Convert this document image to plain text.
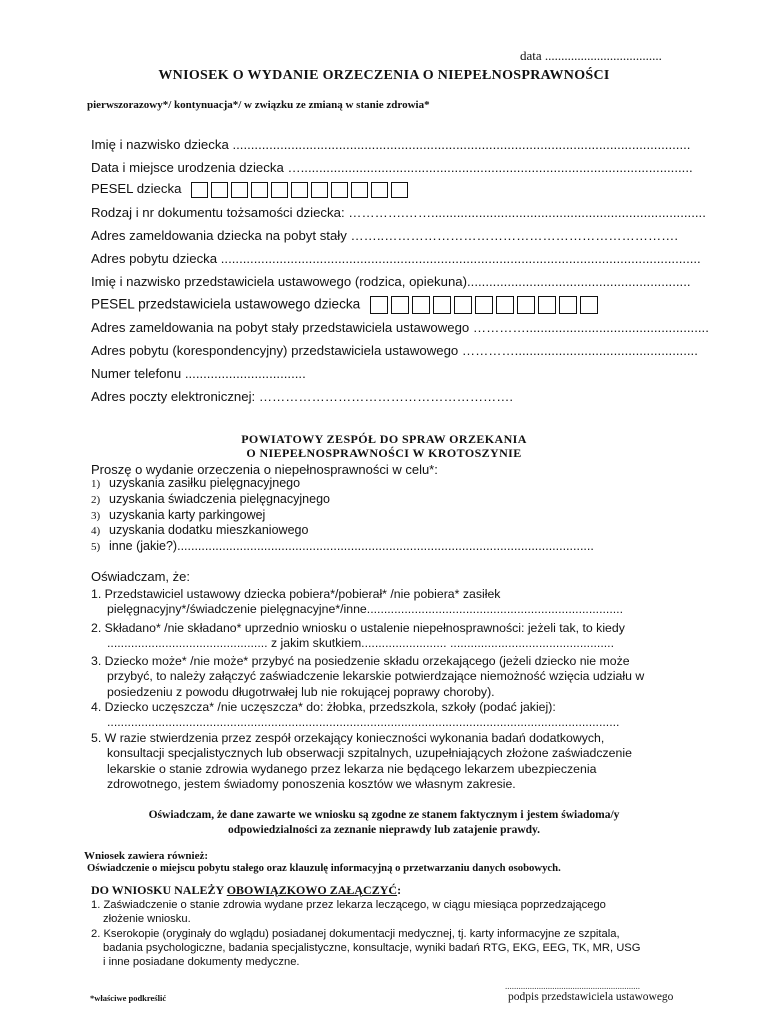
data ....................................
WNIOSEK O WYDANIE ORZECZENIA O NIEPEŁNOSPRAWNOŚCI
pierwszorazowy*/ kontynuacja*/ w związku ze zmianą w stanie zdrowia*
Imię i nazwisko dziecka .............................................................................................................................
Data i miejsce urodzenia dziecka …...........................................................................................................
PESEL dziecka
Rodzaj i nr dokumentu tożsamości dziecka: ………….……...........................................................................
Adres zameldowania dziecka na pobyt stały ……..………………………………………………………….
Adres pobytu dziecka ...................................................................................................................................
Imię i nazwisko przedstawiciela ustawowego (rodzica, opiekuna).............................................................
PESEL przedstawiciela ustawowego dziecka
Adres zameldowania na pobyt stały przedstawiciela ustawowego …………..................................................
Adres pobytu (korespondencyjny) przedstawiciela ustawowego …………..................................................
Numer telefonu .................................
Adres poczty elektronicznej: ………………………………………………….
POWIATOWY ZESPÓŁ DO SPRAW ORZEKANIA
O NIEPEŁNOSPRAWNOŚCI W KROTOSZYNIE
Proszę o wydanie orzeczenia o niepełnosprawności w celu*:
1) uzyskania zasiłku pielęgnacyjnego
2) uzyskania świadczenia pielęgnacyjnego
3) uzyskania karty parkingowej
4) uzyskania dodatku mieszkaniowego
5) inne (jakie?)........................................................................................................................
Oświadczam, że:
1. Przedstawiciel ustawowy dziecka pobiera*/pobierał* /nie pobiera* zasiłek
pielęgnacyjny*/świadczenie pielęgnacyjne*/inne...........................................................................
2. Składano* /nie składano* uprzednio wniosku o ustalenie niepełnosprawności: jeżeli tak, to kiedy
............................................... z jakim skutkiem......................... ................................................
3. Dziecko może* /nie może* przybyć na posiedzenie składu orzekającego (jeżeli dziecko nie może
przybyć, to należy załączyć zaświadczenie lekarskie potwierdzające niemożność wzięcia udziału w
posiedzeniu z powodu długotrwałej lub nie rokującej poprawy choroby).
4. Dziecko uczęszcza* /nie uczęszcza* do: żłobka, przedszkola, szkoły (podać jakiej):
......................................................................................................................................................
5. W razie stwierdzenia przez zespół orzekający konieczności wykonania badań dodatkowych,
konsultacji specjalistycznych lub obserwacji szpitalnych, uzupełniających złożone zaświadczenie
lekarskie o stanie zdrowia wydanego przez lekarza nie będącego lekarzem ubezpieczenia
zdrowotnego, jestem świadomy ponoszenia kosztów we własnym zakresie.
Oświadczam, że dane zawarte we wniosku są zgodne ze stanem faktycznym i jestem świadoma/y
odpowiedzialności za zeznanie nieprawdy lub zatajenie prawdy.
Wniosek zawiera również:
Oświadczenie o miejscu pobytu stałego oraz klauzulę informacyjną o przetwarzaniu danych osobowych.
DO WNIOSKU NALEŻY OBOWIĄZKOWO ZAŁĄCZYĆ:
1. Zaświadczenie o stanie zdrowia wydane przez lekarza leczącego, w ciągu miesiąca poprzedzającego
złożenie wniosku.
2. Kserokopie (oryginały do wglądu) posiadanej dokumentacji medycznej, tj. karty informacyjne ze szpitala,
badania psychologiczne, badania specjalistyczne, konsultacje, wyniki badań RTG, EKG, EEG, TK, MR, USG
i inne posiadane dokumenty medyczne.
*właściwe podkreślić
............................................................
podpis przedstawiciela ustawowego
